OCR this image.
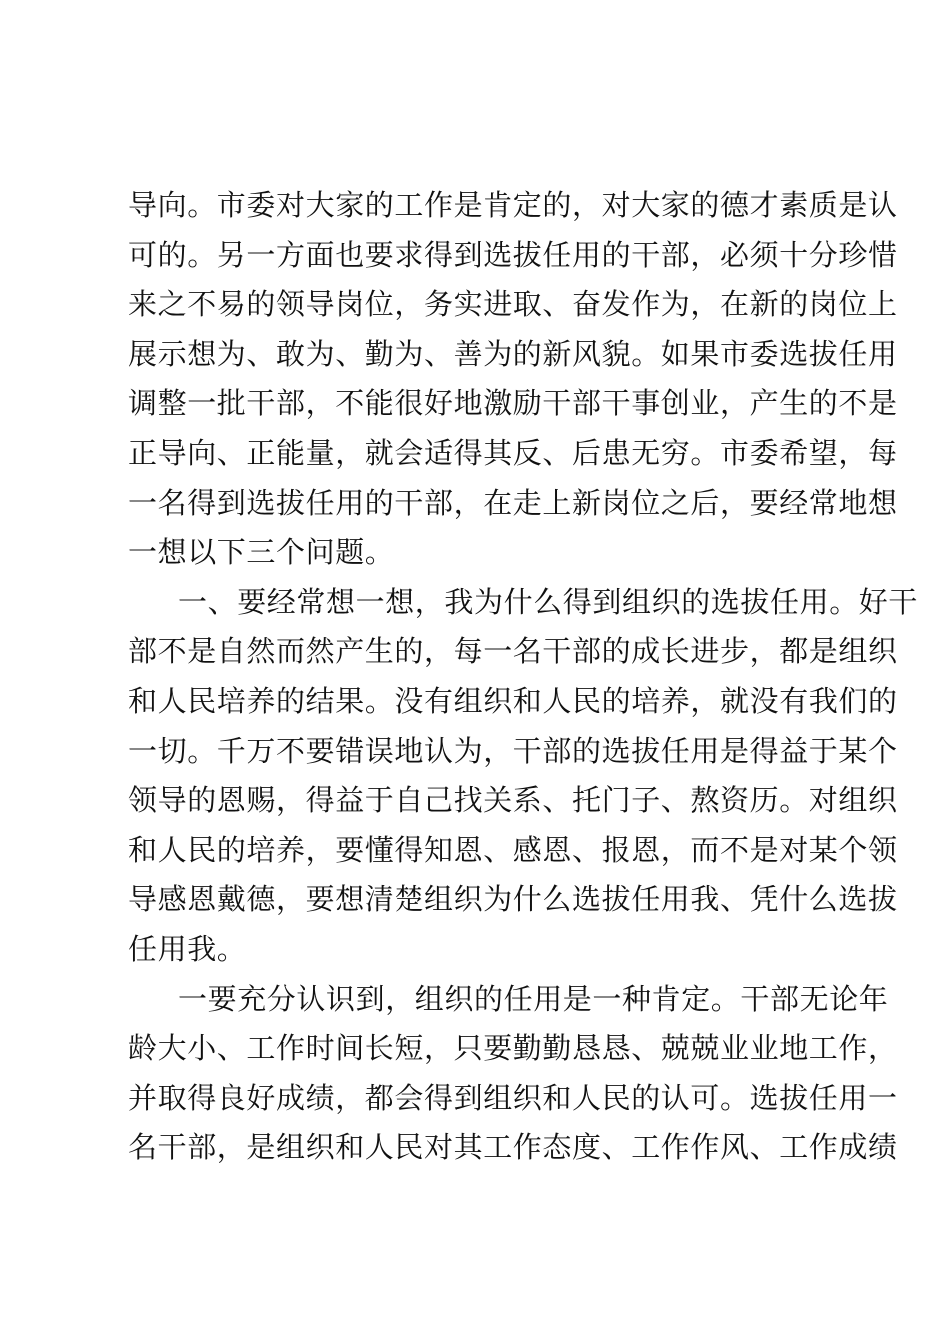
导向。市委对大家的工作是肯定的，对大家的德才素质是认
可的。另一方面也要求得到选拔任用的干部，必须十分珍惜
来之不易的领导岗位，务实进取、奋发作为，在新的岗位上
展示想为、敢为、勤为、善为的新风貌。如果市委选拔任用
调整一批干部，不能很好地激励干部干事创业，产生的不是
正导向、正能量，就会适得其反、后患无穷。市委希望，每
一名得到选拔任用的干部，在走上新岗位之后，要经常地想
一想以下三个问题。
一、要经常想一想，我为什么得到组织的选拔任用。好干
部不是自然而然产生的，每一名干部的成长进步，都是组织
和人民培养的结果。没有组织和人民的培养，就没有我们的
一切。千万不要错误地认为，干部的选拔任用是得益于某个
领导的恩赐，得益于自己找关系、托门子、熬资历。对组织
和人民的培养，要懂得知恩、感恩、报恩，而不是对某个领
导感恩戴德，要想清楚组织为什么选拔任用我、凭什么选拔
任用我。
一要充分认识到，组织的任用是一种肯定。干部无论年
龄大小、工作时间长短，只要勤勤恳恳、兢兢业业地工作，
并取得良好成绩，都会得到组织和人民的认可。选拔任用一
名干部，是组织和人民对其工作态度、工作作风、工作成绩
